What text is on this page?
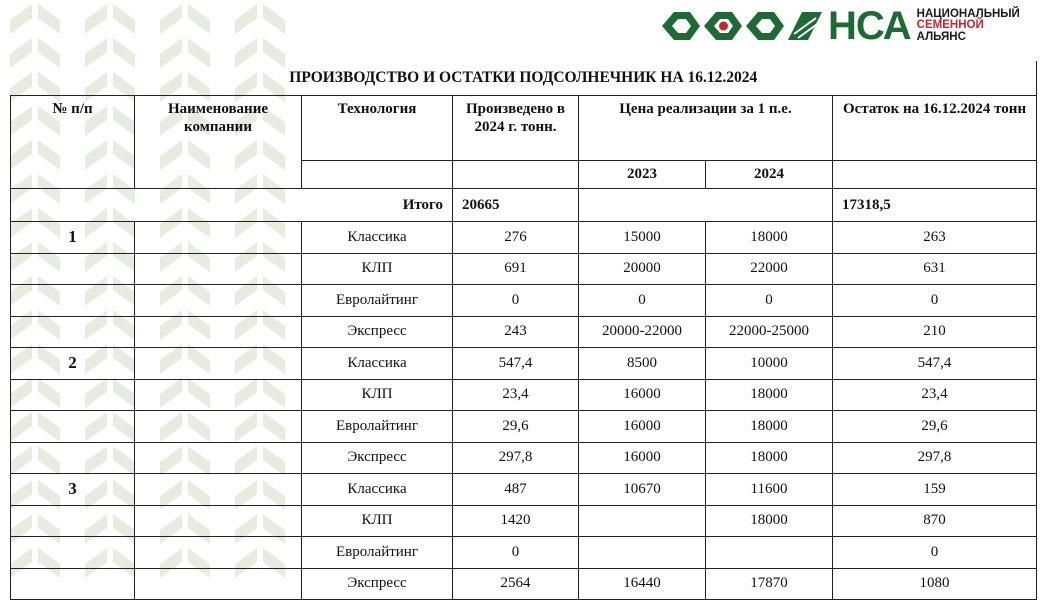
НСА НАЦИОНАЛЬНЫЙ
СЕМЕННОЙ
АЛЬЯНС
ПРОИЗВОДСТВО И ОСТАТКИ ПОДСОЛНЕЧНИК НА 16.12.2024						
№ п/п	Наименование компании	Технология	Произведено в 2024 г. тонн.	Цена реализации за 1 п.е.		Остаток на 16.12.2024 тонн
				2023	2024	
Итого			20665			17318,5
1		Классика	276	15000	18000	263
		КЛП	691	20000	22000	631
		Евролайтинг	0	0	0	0
		Экспресс	243	20000-22000	22000-25000	210
2		Классика	547,4	8500	10000	547,4
		КЛП	23,4	16000	18000	23,4
		Евролайтинг	29,6	16000	18000	29,6
		Экспресс	297,8	16000	18000	297,8
3		Классика	487	10670	11600	159
		КЛП	1420		18000	870
		Евролайтинг	0			0
		Экспресс	2564	16440	17870	1080
